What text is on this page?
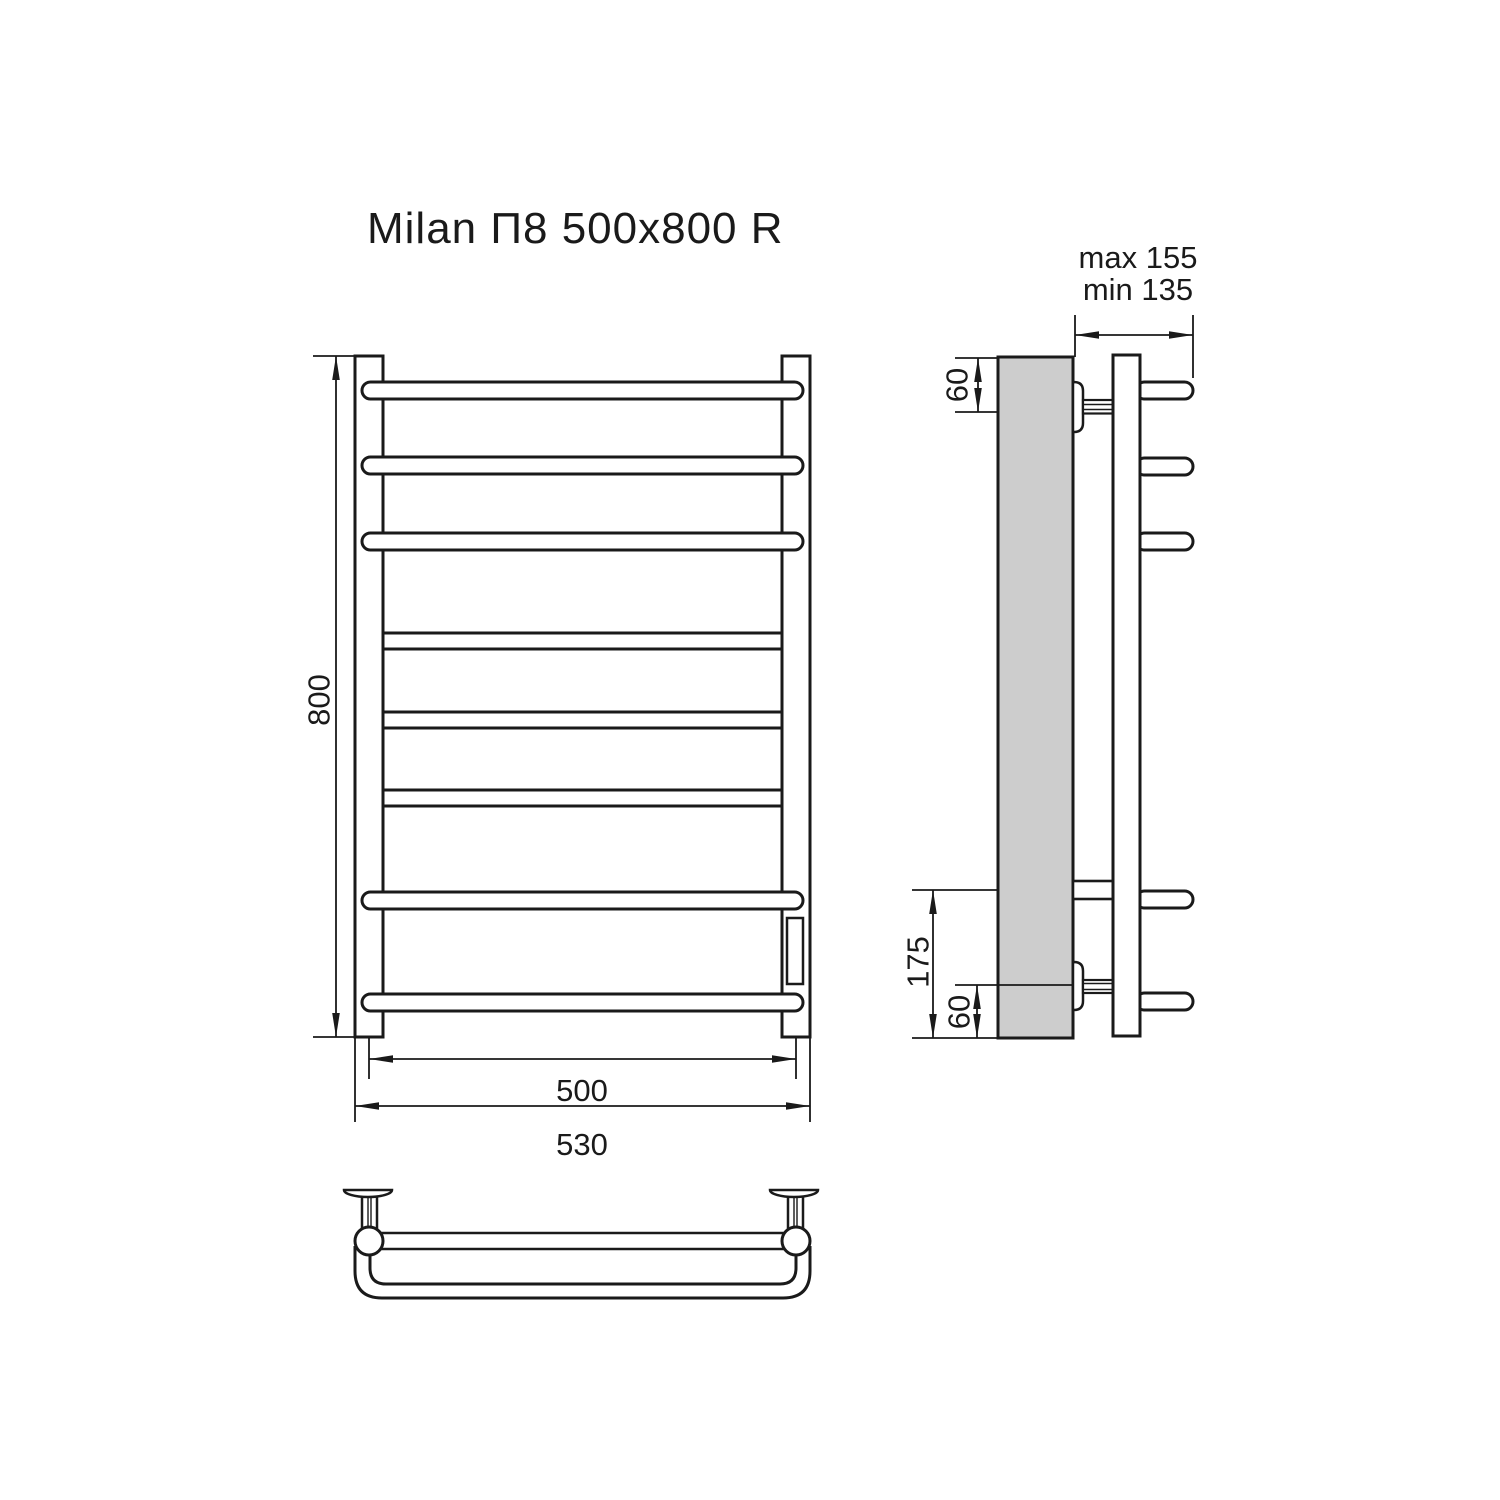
Milan П8 500x800 R
800
500
530
max 155
min 135
60
175
60
